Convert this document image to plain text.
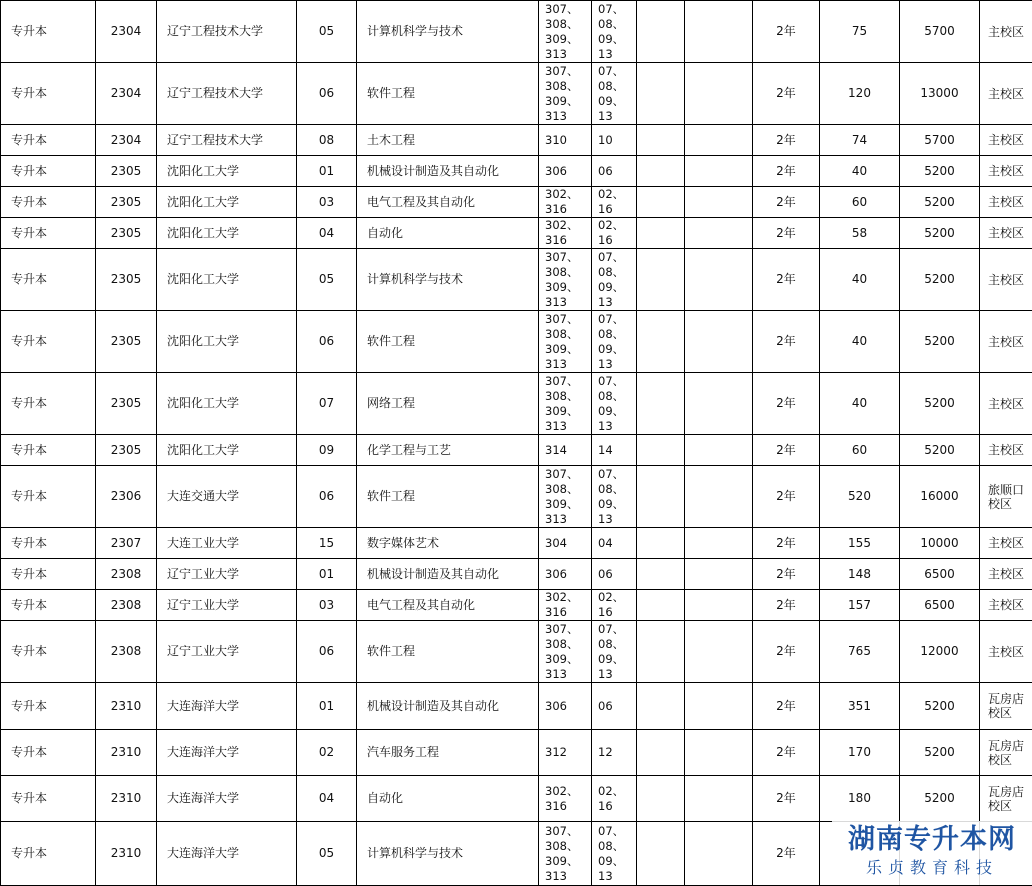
专升本	2304	辽宁工程技术大学	05	计算机科学与技术	307、
308、
309、
313	07、
08、
09、
13			2年	75	5700	主校区
专升本	2304	辽宁工程技术大学	06	软件工程	307、
308、
309、
313	07、
08、
09、
13			2年	120	13000	主校区
专升本	2304	辽宁工程技术大学	08	土木工程	310	10			2年	74	5700	主校区
专升本	2305	沈阳化工大学	01	机械设计制造及其自动化	306	06			2年	40	5200	主校区
专升本	2305	沈阳化工大学	03	电气工程及其自动化	302、
316	02、
16			2年	60	5200	主校区
专升本	2305	沈阳化工大学	04	自动化	302、
316	02、
16			2年	58	5200	主校区
专升本	2305	沈阳化工大学	05	计算机科学与技术	307、
308、
309、
313	07、
08、
09、
13			2年	40	5200	主校区
专升本	2305	沈阳化工大学	06	软件工程	307、
308、
309、
313	07、
08、
09、
13			2年	40	5200	主校区
专升本	2305	沈阳化工大学	07	网络工程	307、
308、
309、
313	07、
08、
09、
13			2年	40	5200	主校区
专升本	2305	沈阳化工大学	09	化学工程与工艺	314	14			2年	60	5200	主校区
专升本	2306	大连交通大学	06	软件工程	307、
308、
309、
313	07、
08、
09、
13			2年	520	16000	旅顺口校区
专升本	2307	大连工业大学	15	数字媒体艺术	304	04			2年	155	10000	主校区
专升本	2308	辽宁工业大学	01	机械设计制造及其自动化	306	06			2年	148	6500	主校区
专升本	2308	辽宁工业大学	03	电气工程及其自动化	302、
316	02、
16			2年	157	6500	主校区
专升本	2308	辽宁工业大学	06	软件工程	307、
308、
309、
313	07、
08、
09、
13			2年	765	12000	主校区
专升本	2310	大连海洋大学	01	机械设计制造及其自动化	306	06			2年	351	5200	瓦房店校区
专升本	2310	大连海洋大学	02	汽车服务工程	312	12			2年	170	5200	瓦房店校区
专升本	2310	大连海洋大学	04	自动化	302、
316	02、
16			2年	180	5200	瓦房店校区
专升本	2310	大连海洋大学	05	计算机科学与技术	307、
308、
309、
313	07、
08、
09、
13			2年				湖南专升本网
乐贞教育科技
